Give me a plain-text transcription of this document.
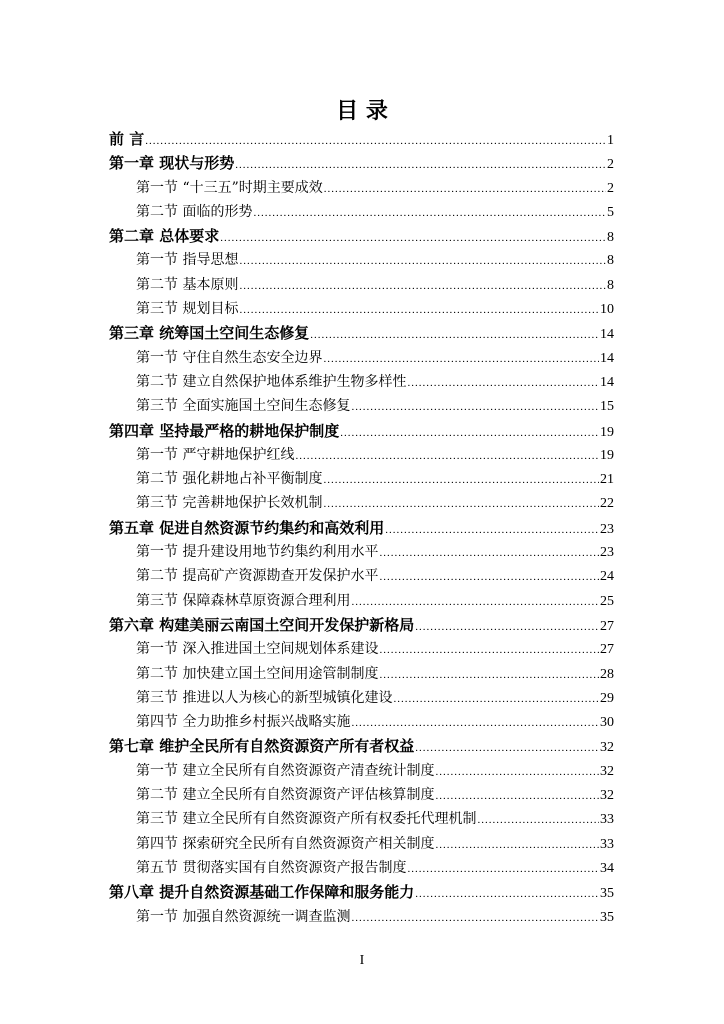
目 录
前 言 .....	1
第一章 现状与形势 .....	2
第一节 “十三五”时期主要成效 .....	2
第二节 面临的形势 .....	5
第二章 总体要求 .....	8
第一节 指导思想 .....	8
第二节 基本原则 .....	8
第三节 规划目标 .....	10
第三章 统筹国土空间生态修复 .....	14
第一节 守住自然生态安全边界 .....	14
第二节 建立自然保护地体系维护生物多样性 .....	14
第三节 全面实施国土空间生态修复 .....	15
第四章 坚持最严格的耕地保护制度 .....	19
第一节 严守耕地保护红线 .....	19
第二节 强化耕地占补平衡制度 .....	21
第三节 完善耕地保护长效机制 .....	22
第五章 促进自然资源节约集约和高效利用 .....	23
第一节 提升建设用地节约集约利用水平 .....	23
第二节 提高矿产资源勘查开发保护水平 .....	24
第三节 保障森林草原资源合理利用 .....	25
第六章 构建美丽云南国土空间开发保护新格局 .....	27
第一节 深入推进国土空间规划体系建设 .....	27
第二节 加快建立国土空间用途管制制度 .....	28
第三节 推进以人为核心的新型城镇化建设 .....	29
第四节 全力助推乡村振兴战略实施 .....	30
第七章 维护全民所有自然资源资产所有者权益 .....	32
第一节 建立全民所有自然资源资产清查统计制度 .....	32
第二节 建立全民所有自然资源资产评估核算制度 .....	32
第三节 建立全民所有自然资源资产所有权委托代理机制 .....	33
第四节 探索研究全民所有自然资源资产相关制度 .....	33
第五节 贯彻落实国有自然资源资产报告制度 .....	34
第八章 提升自然资源基础工作保障和服务能力 .....	35
第一节 加强自然资源统一调查监测 .....	35
I
